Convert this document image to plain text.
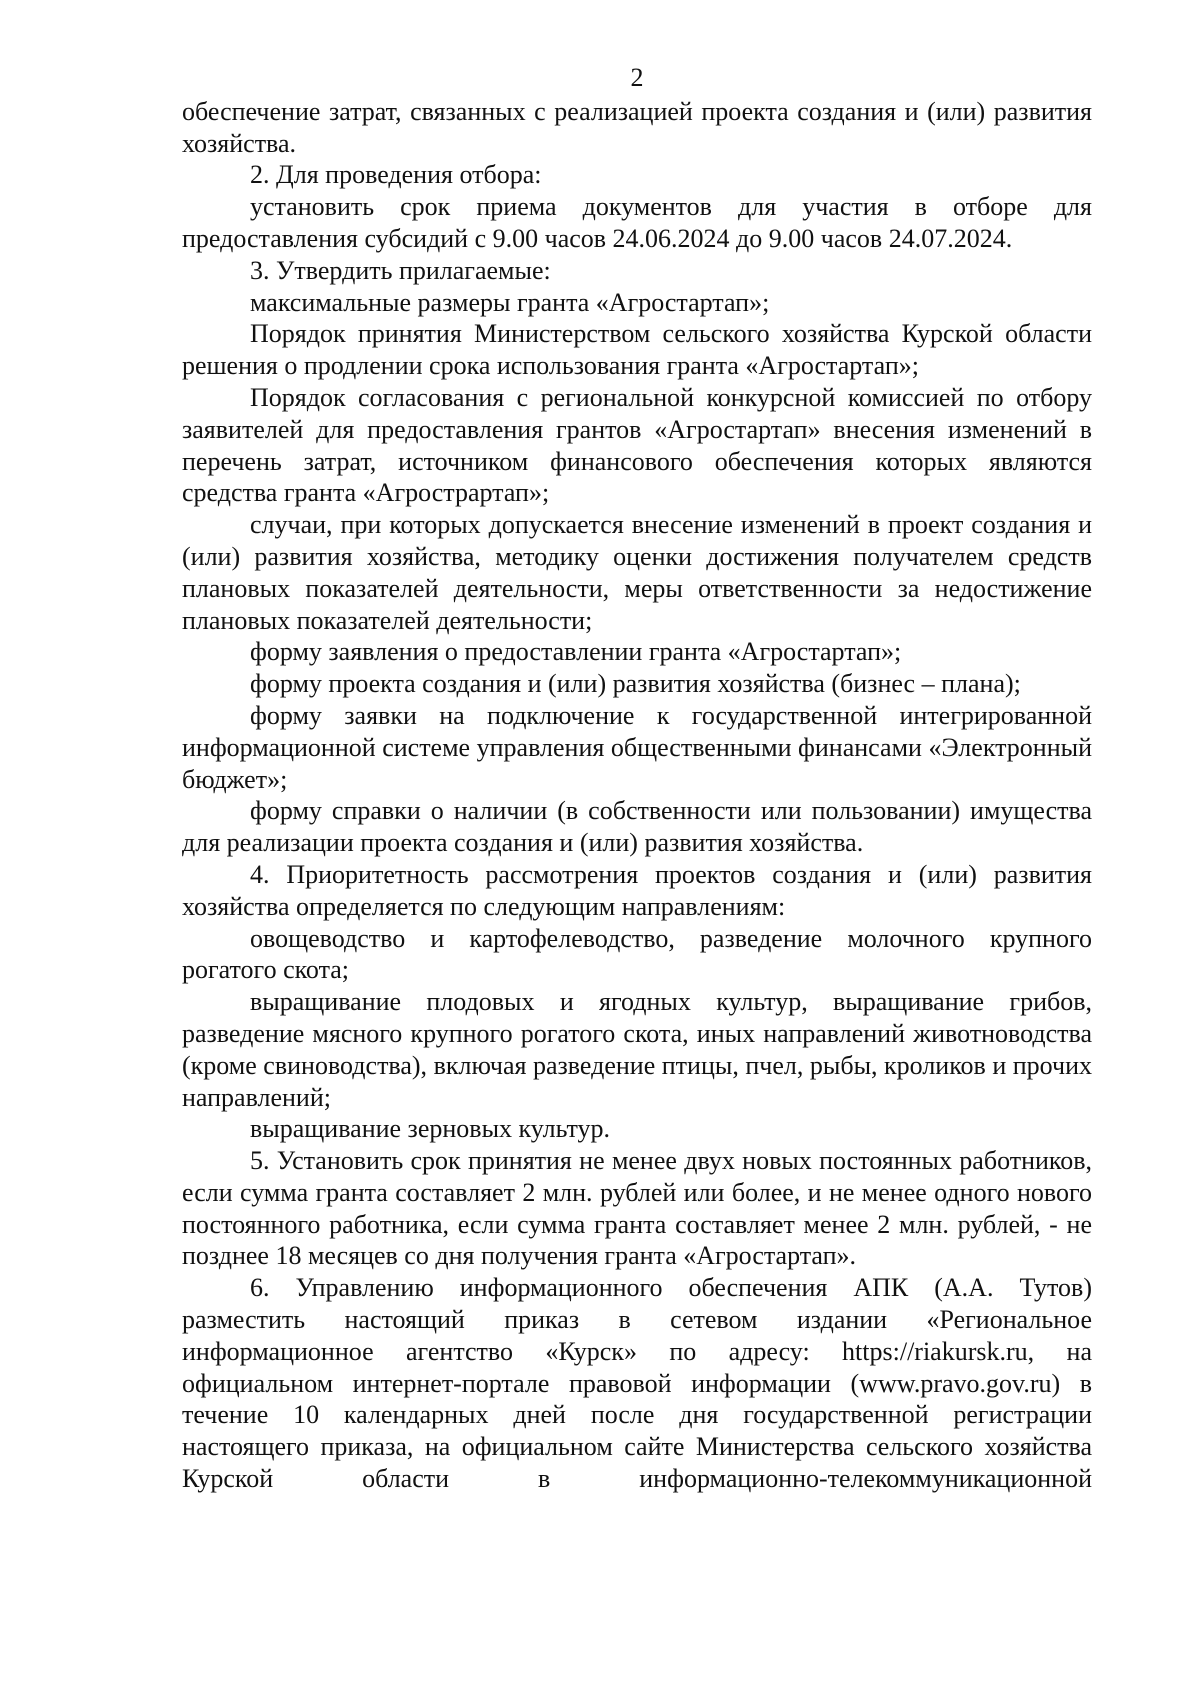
2

обеспечение затрат, связанных с реализацией проекта создания и (или) развития хозяйства.

2. Для проведения отбора:

установить срок приема документов для участия в отборе для предоставления субсидий с 9.00 часов 24.06.2024 до 9.00 часов 24.07.2024.

3. Утвердить прилагаемые:

максимальные размеры гранта «Агростартап»;

Порядок принятия Министерством сельского хозяйства Курской области решения о продлении срока использования гранта «Агростартап»;

Порядок согласования с региональной конкурсной комиссией по отбору заявителей для предоставления грантов «Агростартап» внесения изменений в перечень затрат, источником финансового обеспечения которых являются средства гранта «Агрострартап»;

случаи, при которых допускается внесение изменений в проект создания и (или) развития хозяйства, методику оценки достижения получателем средств плановых показателей деятельности, меры ответственности за недостижение плановых показателей деятельности;

форму заявления о предоставлении гранта «Агростартап»;

форму проекта создания и (или) развития хозяйства (бизнес – плана);

форму заявки на подключение к государственной интегрированной информационной системе управления общественными финансами «Электронный бюджет»;

форму справки о наличии (в собственности или пользовании) имущества для реализации проекта создания и (или) развития хозяйства.

4. Приоритетность рассмотрения проектов создания и (или) развития хозяйства определяется по следующим направлениям:

овощеводство и картофелеводство, разведение молочного крупного рогатого скота;

выращивание плодовых и ягодных культур, выращивание грибов, разведение мясного крупного рогатого скота, иных направлений животноводства (кроме свиноводства), включая разведение птицы, пчел, рыбы, кроликов и прочих направлений;

выращивание зерновых культур.

5. Установить срок принятия не менее двух новых постоянных работников, если сумма гранта составляет 2 млн. рублей или более, и не менее одного нового постоянного работника, если сумма гранта составляет менее 2 млн. рублей, - не позднее 18 месяцев со дня получения гранта «Агростартап».

6. Управлению информационного обеспечения АПК (А.А. Тутов) разместить настоящий приказ в сетевом издании «Региональное информационное агентство «Курск» по адресу: https://riakursk.ru, на официальном интернет-портале правовой информации (www.pravo.gov.ru) в течение 10 календарных дней после дня государственной регистрации настоящего приказа, на официальном сайте Министерства сельского хозяйства Курской области в информационно-телекоммуникационной
